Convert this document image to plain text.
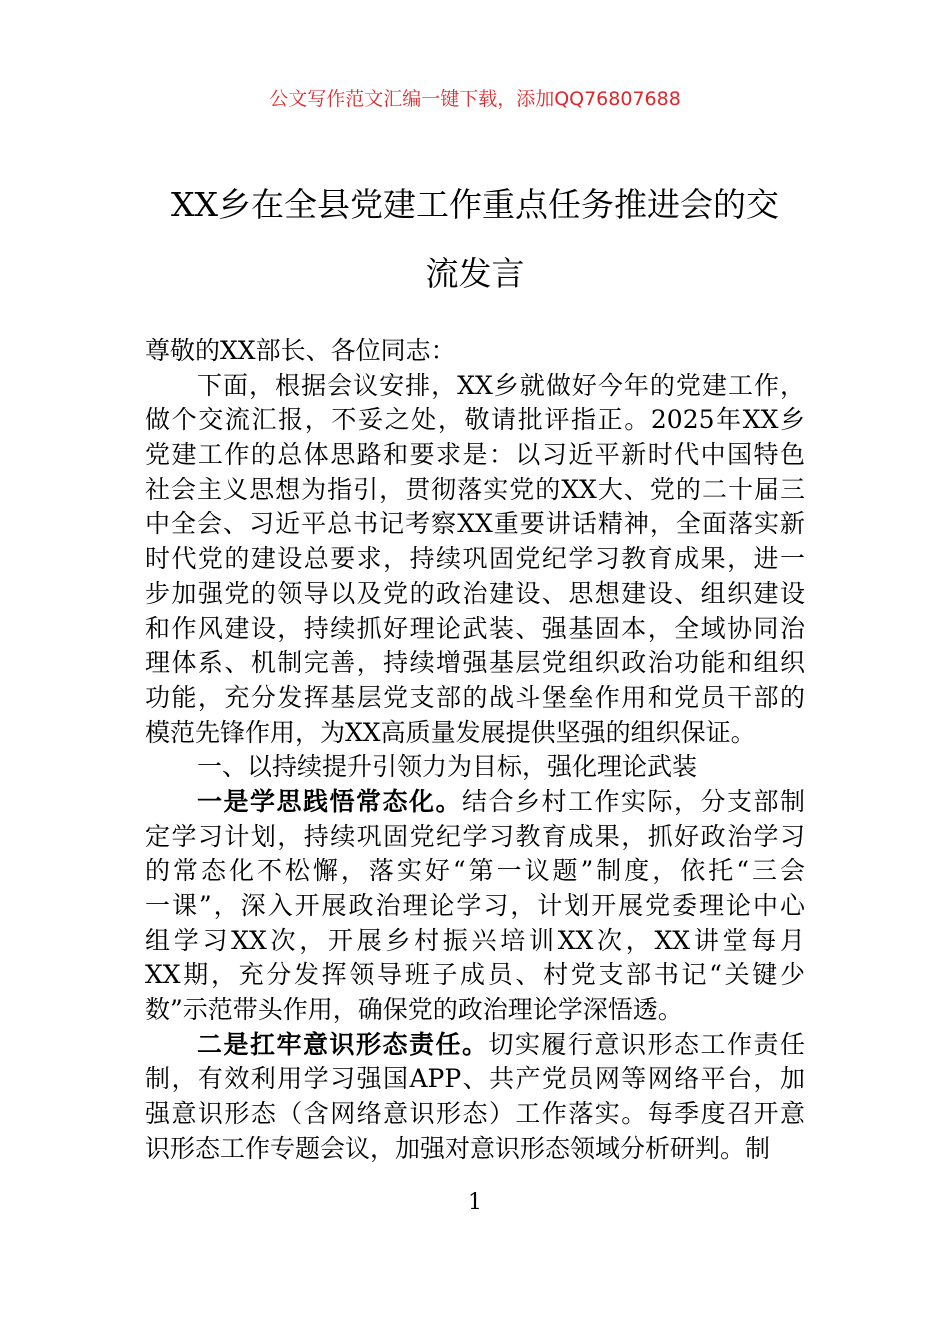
公文写作范文汇编一键下载，添加QQ76807688
XX乡在全县党建工作重点任务推进会的交
流发言
尊敬的XX部长、各位同志：
下面，根据会议安排，XX乡就做好今年的党建工作，
做个交流汇报，不妥之处，敬请批评指正。2025年XX乡
党建工作的总体思路和要求是：以习近平新时代中国特色
社会主义思想为指引，贯彻落实党的XX大、党的二十届三
中全会、习近平总书记考察XX重要讲话精神，全面落实新
时代党的建设总要求，持续巩固党纪学习教育成果，进一
步加强党的领导以及党的政治建设、思想建设、组织建设
和作风建设，持续抓好理论武装、强基固本，全域协同治
理体系、机制完善，持续增强基层党组织政治功能和组织
功能，充分发挥基层党支部的战斗堡垒作用和党员干部的
模范先锋作用，为XX高质量发展提供坚强的组织保证。
一、以持续提升引领力为目标，强化理论武装
一是学思践悟常态化。结合乡村工作实际，分支部制
定学习计划，持续巩固党纪学习教育成果，抓好政治学习
的常态化不松懈，落实好“第一议题”制度，依托“三会
一课”，深入开展政治理论学习，计划开展党委理论中心
组学习XX次，开展乡村振兴培训XX次，XX讲堂每月
XX期，充分发挥领导班子成员、村党支部书记“关键少
数”示范带头作用，确保党的政治理论学深悟透。
二是扛牢意识形态责任。切实履行意识形态工作责任
制，有效利用学习强国APP、共产党员网等网络平台，加
强意识形态（含网络意识形态）工作落实。每季度召开意
识形态工作专题会议，加强对意识形态领域分析研判。制
1
